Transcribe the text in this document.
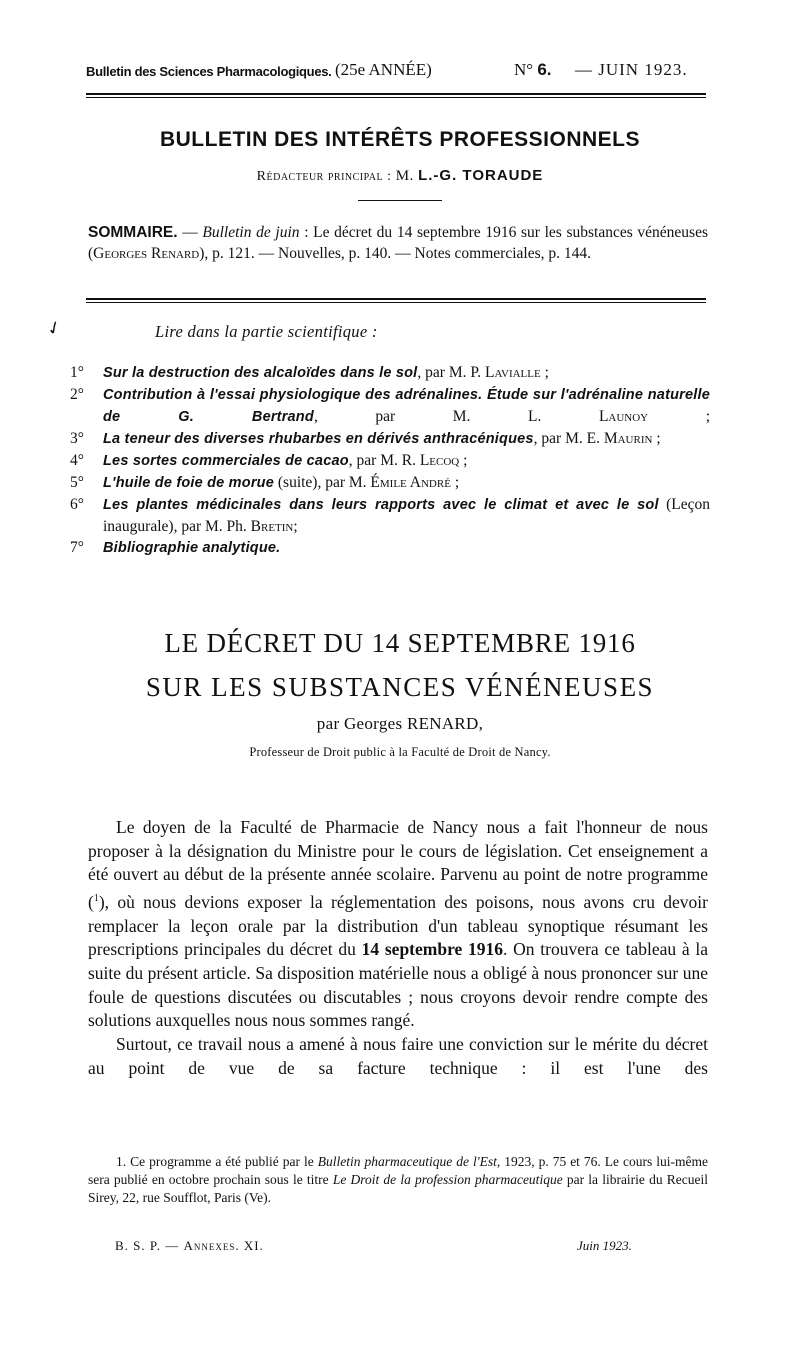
Bulletin des Sciences Pharmacologiques. (25e ANNÉE)	N° 6. — JUIN 1923.
BULLETIN DES INTÉRÊTS PROFESSIONNELS
Rédacteur principal : M. L.-G. TORAUDE
SOMMAIRE. — Bulletin de juin : Le décret du 14 septembre 1916 sur les substances vénéneuses (Georges Renard), p. 121. — Nouvelles, p. 140. — Notes commerciales, p. 144.
✓	Lire dans la partie scientifique :
1° Sur la destruction des alcaloïdes dans le sol, par M. P. Lavialle ;
2° Contribution à l'essai physiologique des adrénalines. Étude sur l'adrénaline naturelle de G. Bertrand, par M. L. Launoy ;
3° La teneur des diverses rhubarbes en dérivés anthracéniques, par M. E. Maurin ;
4° Les sortes commerciales de cacao, par M. R. Lecoq ;
5° L'huile de foie de morue (suite), par M. Émile André ;
6° Les plantes médicinales dans leurs rapports avec le climat et avec le sol (Leçon inaugurale), par M. Ph. Bretin;
7° Bibliographie analytique.
LE DÉCRET DU 14 SEPTEMBRE 1916
SUR LES SUBSTANCES VÉNÉNEUSES
par Georges RENARD,
Professeur de Droit public à la Faculté de Droit de Nancy.

Le doyen de la Faculté de Pharmacie de Nancy nous a fait l'honneur de nous proposer à la désignation du Ministre pour le cours de législation. Cet enseignement a été ouvert au début de la présente année scolaire. Parvenu au point de notre programme ($^1$), où nous devions exposer la réglementation des poisons, nous avons cru devoir remplacer la leçon orale par la distribution d'un tableau synoptique résumant les prescriptions principales du décret du 14 septembre 1916. On trouvera ce tableau à la suite du présent article. Sa disposition matérielle nous a obligé à nous prononcer sur une foule de questions discutées ou discutables ; nous croyons devoir rendre compte des solutions auxquelles nous nous sommes rangé.

Surtout, ce travail nous a amené à nous faire une conviction sur le mérite du décret au point de vue de sa facture technique : il est l'une des

1. Ce programme a été publié par le Bulletin pharmaceutique de l'Est, 1923, p. 75 et 76. Le cours lui-même sera publié en octobre prochain sous le titre Le Droit de la profession pharmaceutique par la librairie du Recueil Sirey, 22, rue Soufflot, Paris (Ve).
B. S. P. — Annexes. XI.	Juin 1923.
